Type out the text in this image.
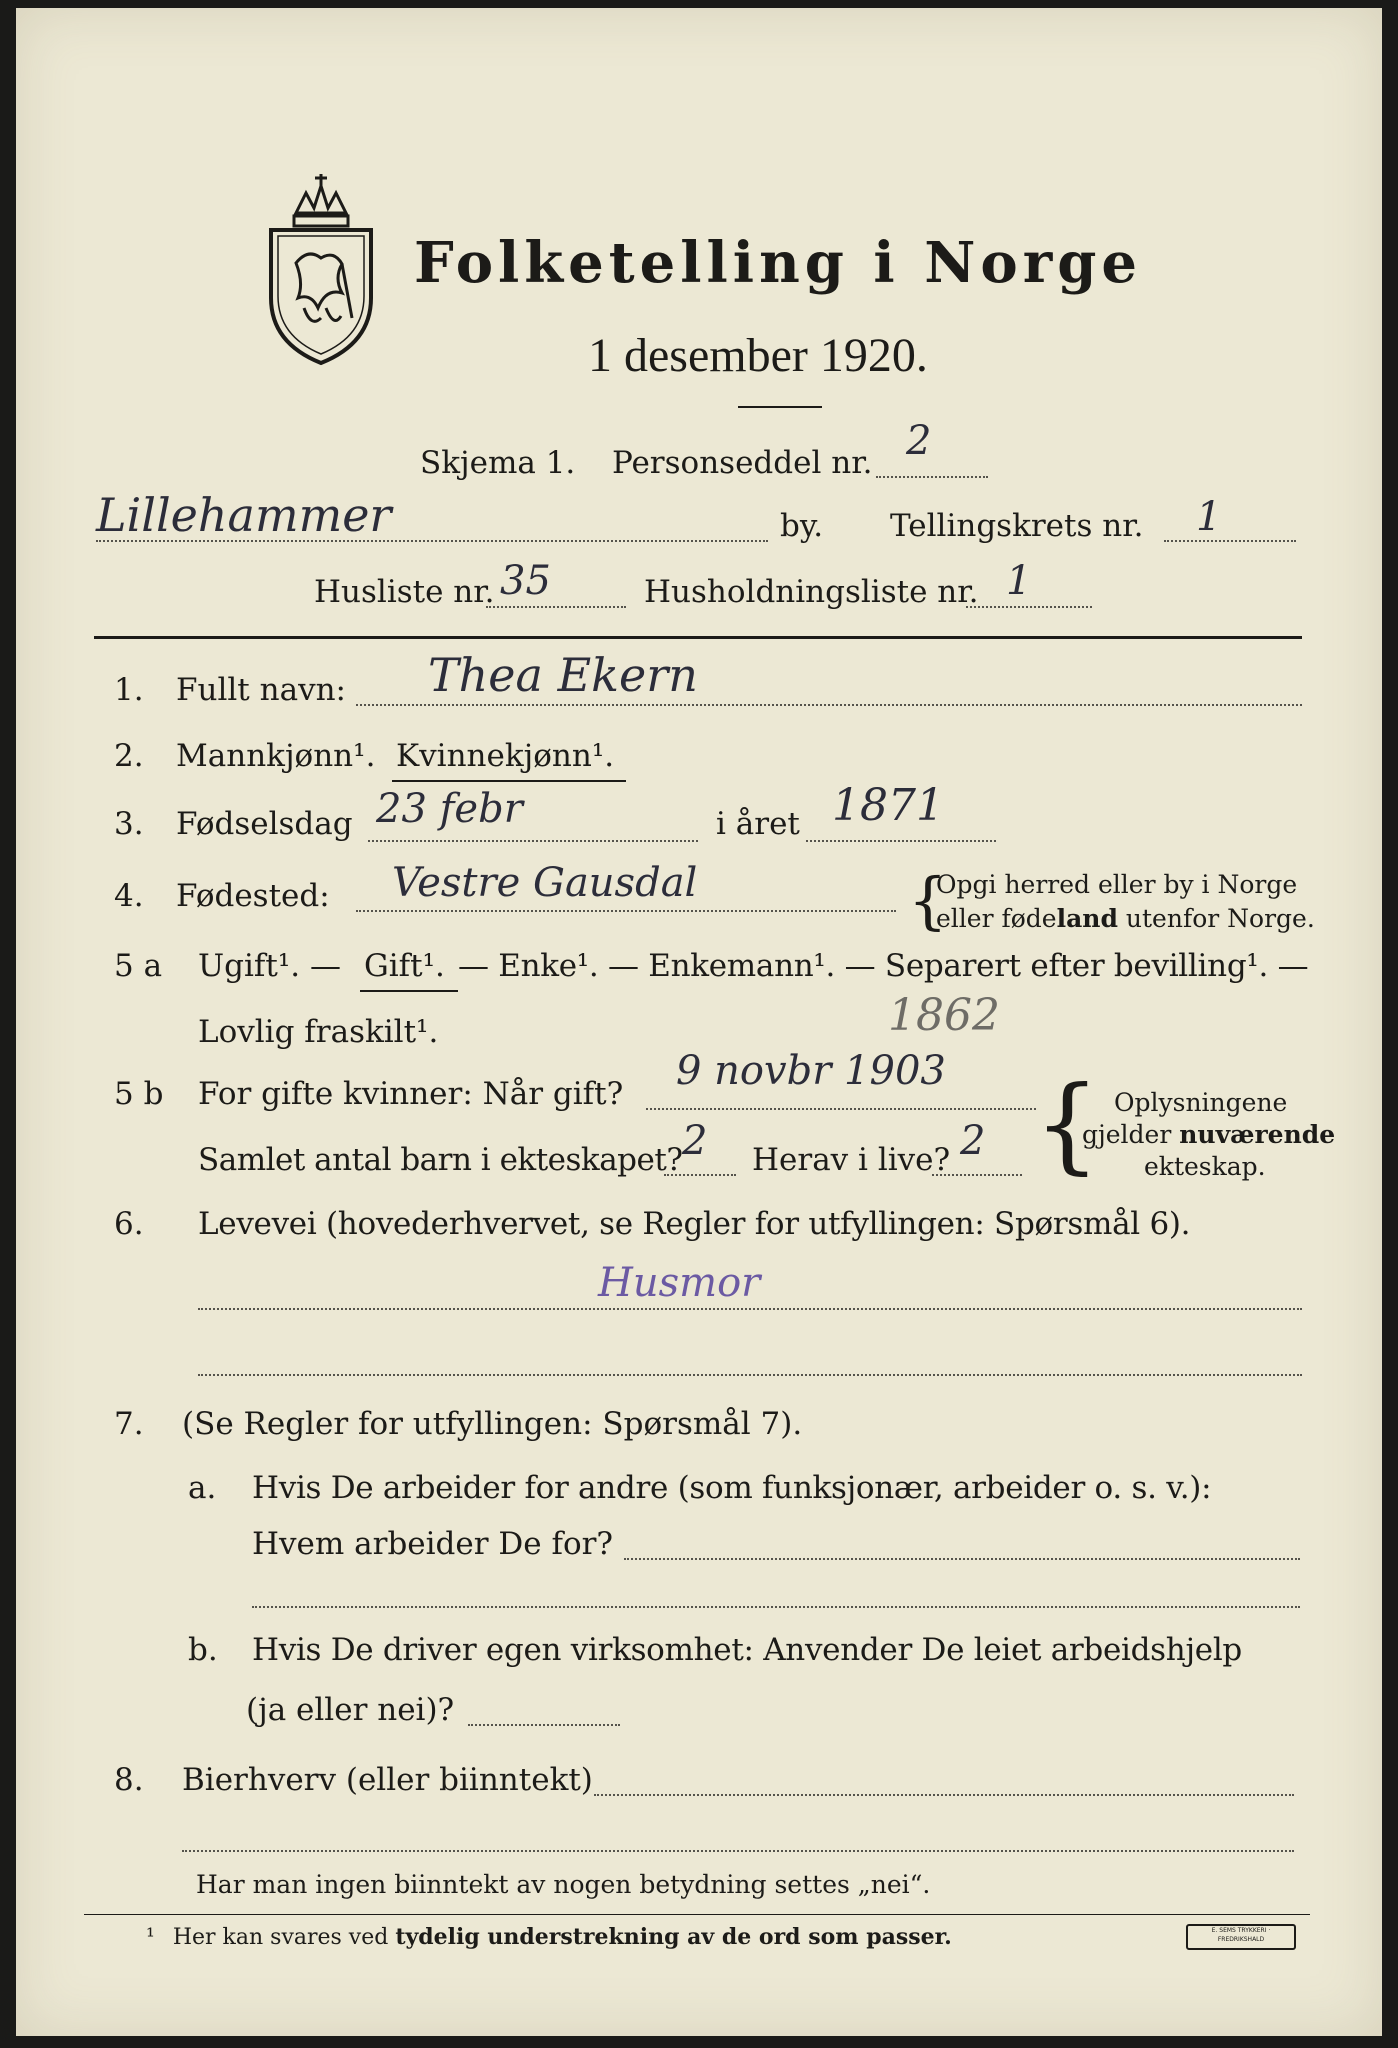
Folketelling i Norge
1 desember 1920.
Skjema 1. Personseddel nr. 2
Lillehammer	by. Tellingskrets nr. 1
Husliste nr. 35	Husholdningsliste nr. 1
1. Fullt navn: Thea Ekern
2. Mannkjønn¹. Kvinnekjønn¹.
3. Fødselsdag 23 febr	i året 1871
4. Fødested: Vestre Gausdal	{
Opgi herred eller by i Norge
eller fødeland utenfor Norge.
5 a Ugift¹. — Gift¹. — Enke¹. — Enkemann¹. — Separert efter bevilling¹. —
Lovlig fraskilt¹.	1862
5 b For gifte kvinner: Når gift? 9 novbr 1903
Samlet antal barn i ekteskapet? 2 Herav i live? 2 { Oplysningene
gjelder nuværende
ekteskap.
6. Levevei (hovederhvervet, se Regler for utfyllingen: Spørsmål 6).
Husmor
7. (Se Regler for utfyllingen: Spørsmål 7).
a. Hvis De arbeider for andre (som funksjonær, arbeider o. s. v.):
Hvem arbeider De for?
b. Hvis De driver egen virksomhet: Anvender De leiet arbeidshjelp
(ja eller nei)?
8. Bierhverv (eller biinntekt)
Har man ingen biinntekt av nogen betydning settes „nei“.
¹ Her kan svares ved tydelig understrekning av de ord som passer.	E. SEMS TRYKKERI · FREDRIKSHALD
